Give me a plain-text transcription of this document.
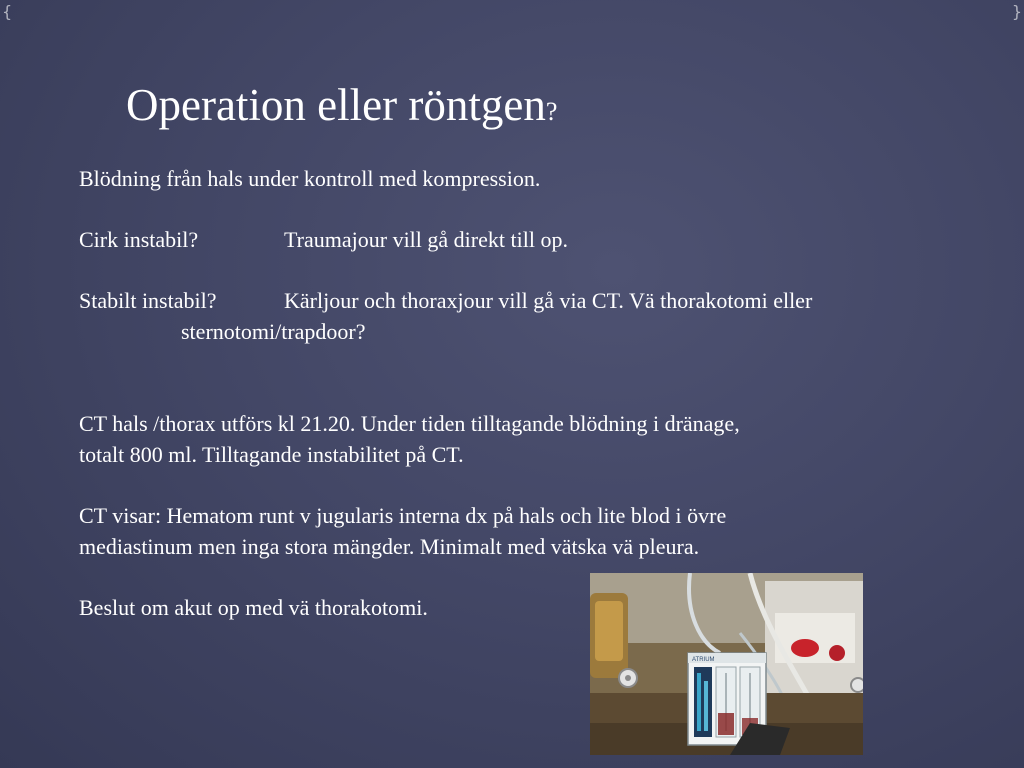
{	}
Operation eller röntgen?
Blödning från hals under kontroll med kompression.
Cirk instabil?	Traumajour vill gå direkt till op.
Stabilt instabil?	Kärljour och thoraxjour vill gå via CT. Vä thorakotomi eller
sternotomi/trapdoor?
CT hals /thorax utförs kl 21.20. Under tiden tilltagande blödning i dränage,
totalt 800 ml. Tilltagande instabilitet på CT.
CT visar: Hematom runt v jugularis interna dx på hals och lite blod i övre
mediastinum men inga stora mängder. Minimalt med vätska vä pleura.
Beslut om akut op med vä thorakotomi.
ATRIUM
